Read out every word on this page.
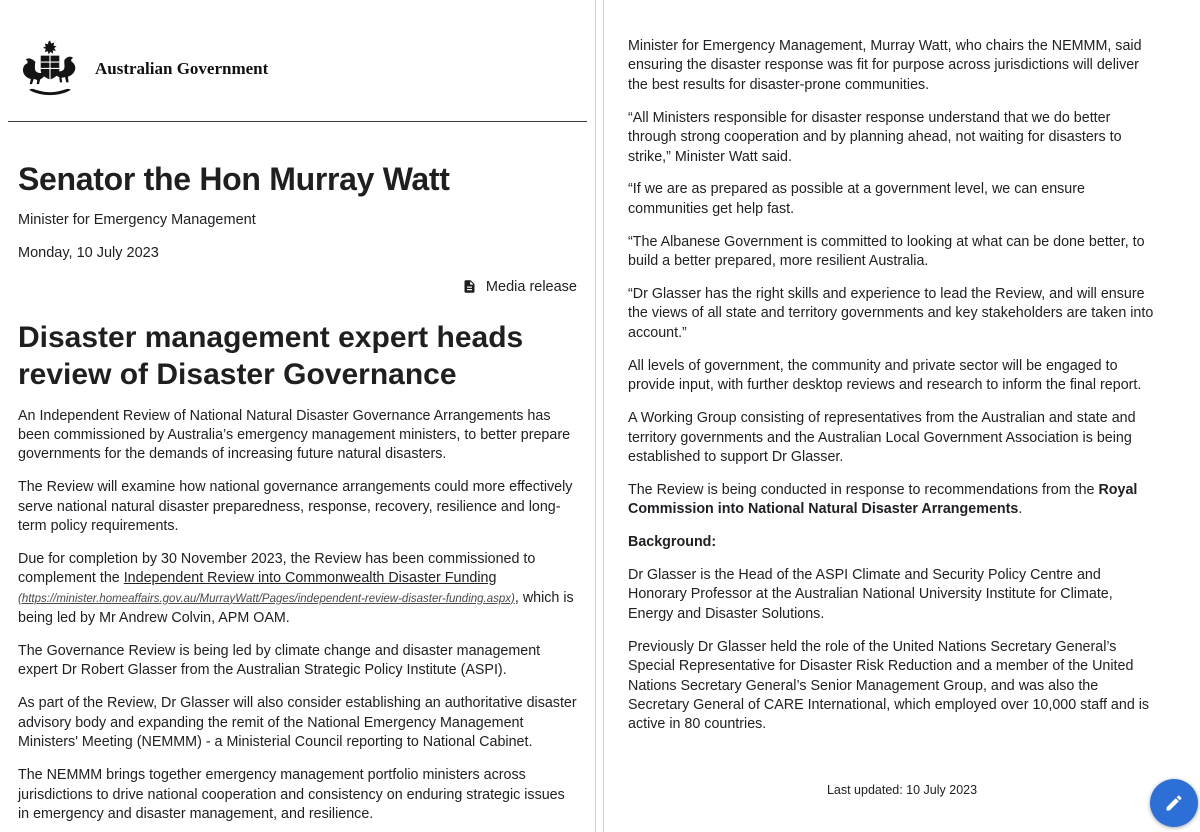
Australian Government
Senator the Hon Murray Watt
Minister for Emergency Management
Monday, 10 July 2023
Media release
Disaster management expert heads review of Disaster Governance

An Independent Review of National Natural Disaster Governance Arrangements has been commissioned by Australia’s emergency management ministers, to better prepare governments for the demands of increasing future natural disasters.

The Review will examine how national governance arrangements could more effectively serve national natural disaster preparedness, response, recovery, resilience and long-term policy requirements.

Due for completion by 30 November 2023, the Review has been commissioned to complement the Independent Review into Commonwealth Disaster Funding (https://minister.homeaffairs.gov.au/MurrayWatt/Pages/independent-review-disaster-funding.aspx), which is being led by Mr Andrew Colvin, APM OAM.

The Governance Review is being led by climate change and disaster management expert Dr Robert Glasser from the Australian Strategic Policy Institute (ASPI).

As part of the Review, Dr Glasser will also consider establishing an authoritative disaster advisory body and expanding the remit of the National Emergency Management Ministers' Meeting (NEMMM) - a Ministerial Council reporting to National Cabinet.

The NEMMM brings together emergency management portfolio ministers across jurisdictions to drive national cooperation and consistency on enduring strategic issues in emergency and disaster management, and resilience.

Minister for Emergency Management, Murray Watt, who chairs the NEMMM, said ensuring the disaster response was fit for purpose across jurisdictions will deliver the best results for disaster-prone communities.

“All Ministers responsible for disaster response understand that we do better through strong cooperation and by planning ahead, not waiting for disasters to strike,” Minister Watt said.

“If we are as prepared as possible at a government level, we can ensure communities get help fast.

“The Albanese Government is committed to looking at what can be done better, to build a better prepared, more resilient Australia.

“Dr Glasser has the right skills and experience to lead the Review, and will ensure the views of all state and territory governments and key stakeholders are taken into account.”

All levels of government, the community and private sector will be engaged to provide input, with further desktop reviews and research to inform the final report.

A Working Group consisting of representatives from the Australian and state and territory governments and the Australian Local Government Association is being established to support Dr Glasser.

The Review is being conducted in response to recommendations from the Royal Commission into National Natural Disaster Arrangements.

Background:

Dr Glasser is the Head of the ASPI Climate and Security Policy Centre and Honorary Professor at the Australian National University Institute for Climate, Energy and Disaster Solutions.

Previously Dr Glasser held the role of the United Nations Secretary General’s Special Representative for Disaster Risk Reduction and a member of the United Nations Secretary General’s Senior Management Group, and was also the Secretary General of CARE International, which employed over 10,000 staff and is active in 80 countries.

Last updated: 10 July 2023
